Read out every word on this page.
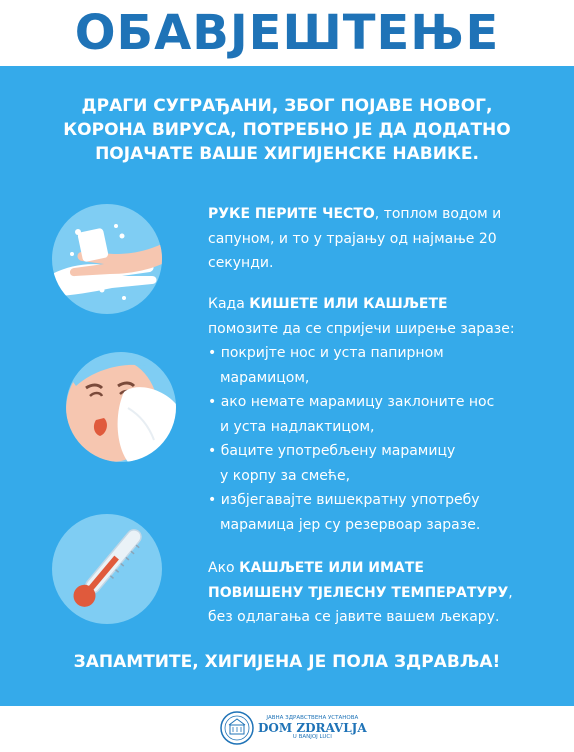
ОБАВЈЕШТЕЊЕ
ДРАГИ СУГРАЂАНИ, ЗБОГ ПОЈАВЕ НОВОГ,
КОРОНА ВИРУСА, ПОТРЕБНО ЈЕ ДА ДОДАТНО
ПОЈАЧАТЕ ВАШЕ ХИГИЈЕНСКЕ НАВИКЕ.
РУКЕ ПЕРИТЕ ЧЕСТО, топлом водом и
сапуном, и то у трајању од најмање 20
секунди.
Када КИШЕТЕ ИЛИ КАШЉЕТЕ
помозите да се спријечи ширење заразе:
• покријте нос и уста папирном
марамицом,
• ако немате марамицу заклоните нос
и уста надлактицом,
• баците употребљену марамицу
у корпу за смеће,
• избјегавајте вишекратну употребу
марамица јер су резервоар заразе.
Ако КАШЉЕТЕ ИЛИ ИМАТЕ
ПОВИШЕНУ ТЈЕЛЕСНУ ТЕМПЕРАТУРУ,
без одлагања се јавите вашем љекару.
ЗАПАМТИТЕ, ХИГИЈЕНА ЈЕ ПОЛА ЗДРАВЉА!
ЈАВНА ЗДРАВСТВЕНА УСТАНОВА
DOM ZDRAVLJA
U BANJOJ LUCI
